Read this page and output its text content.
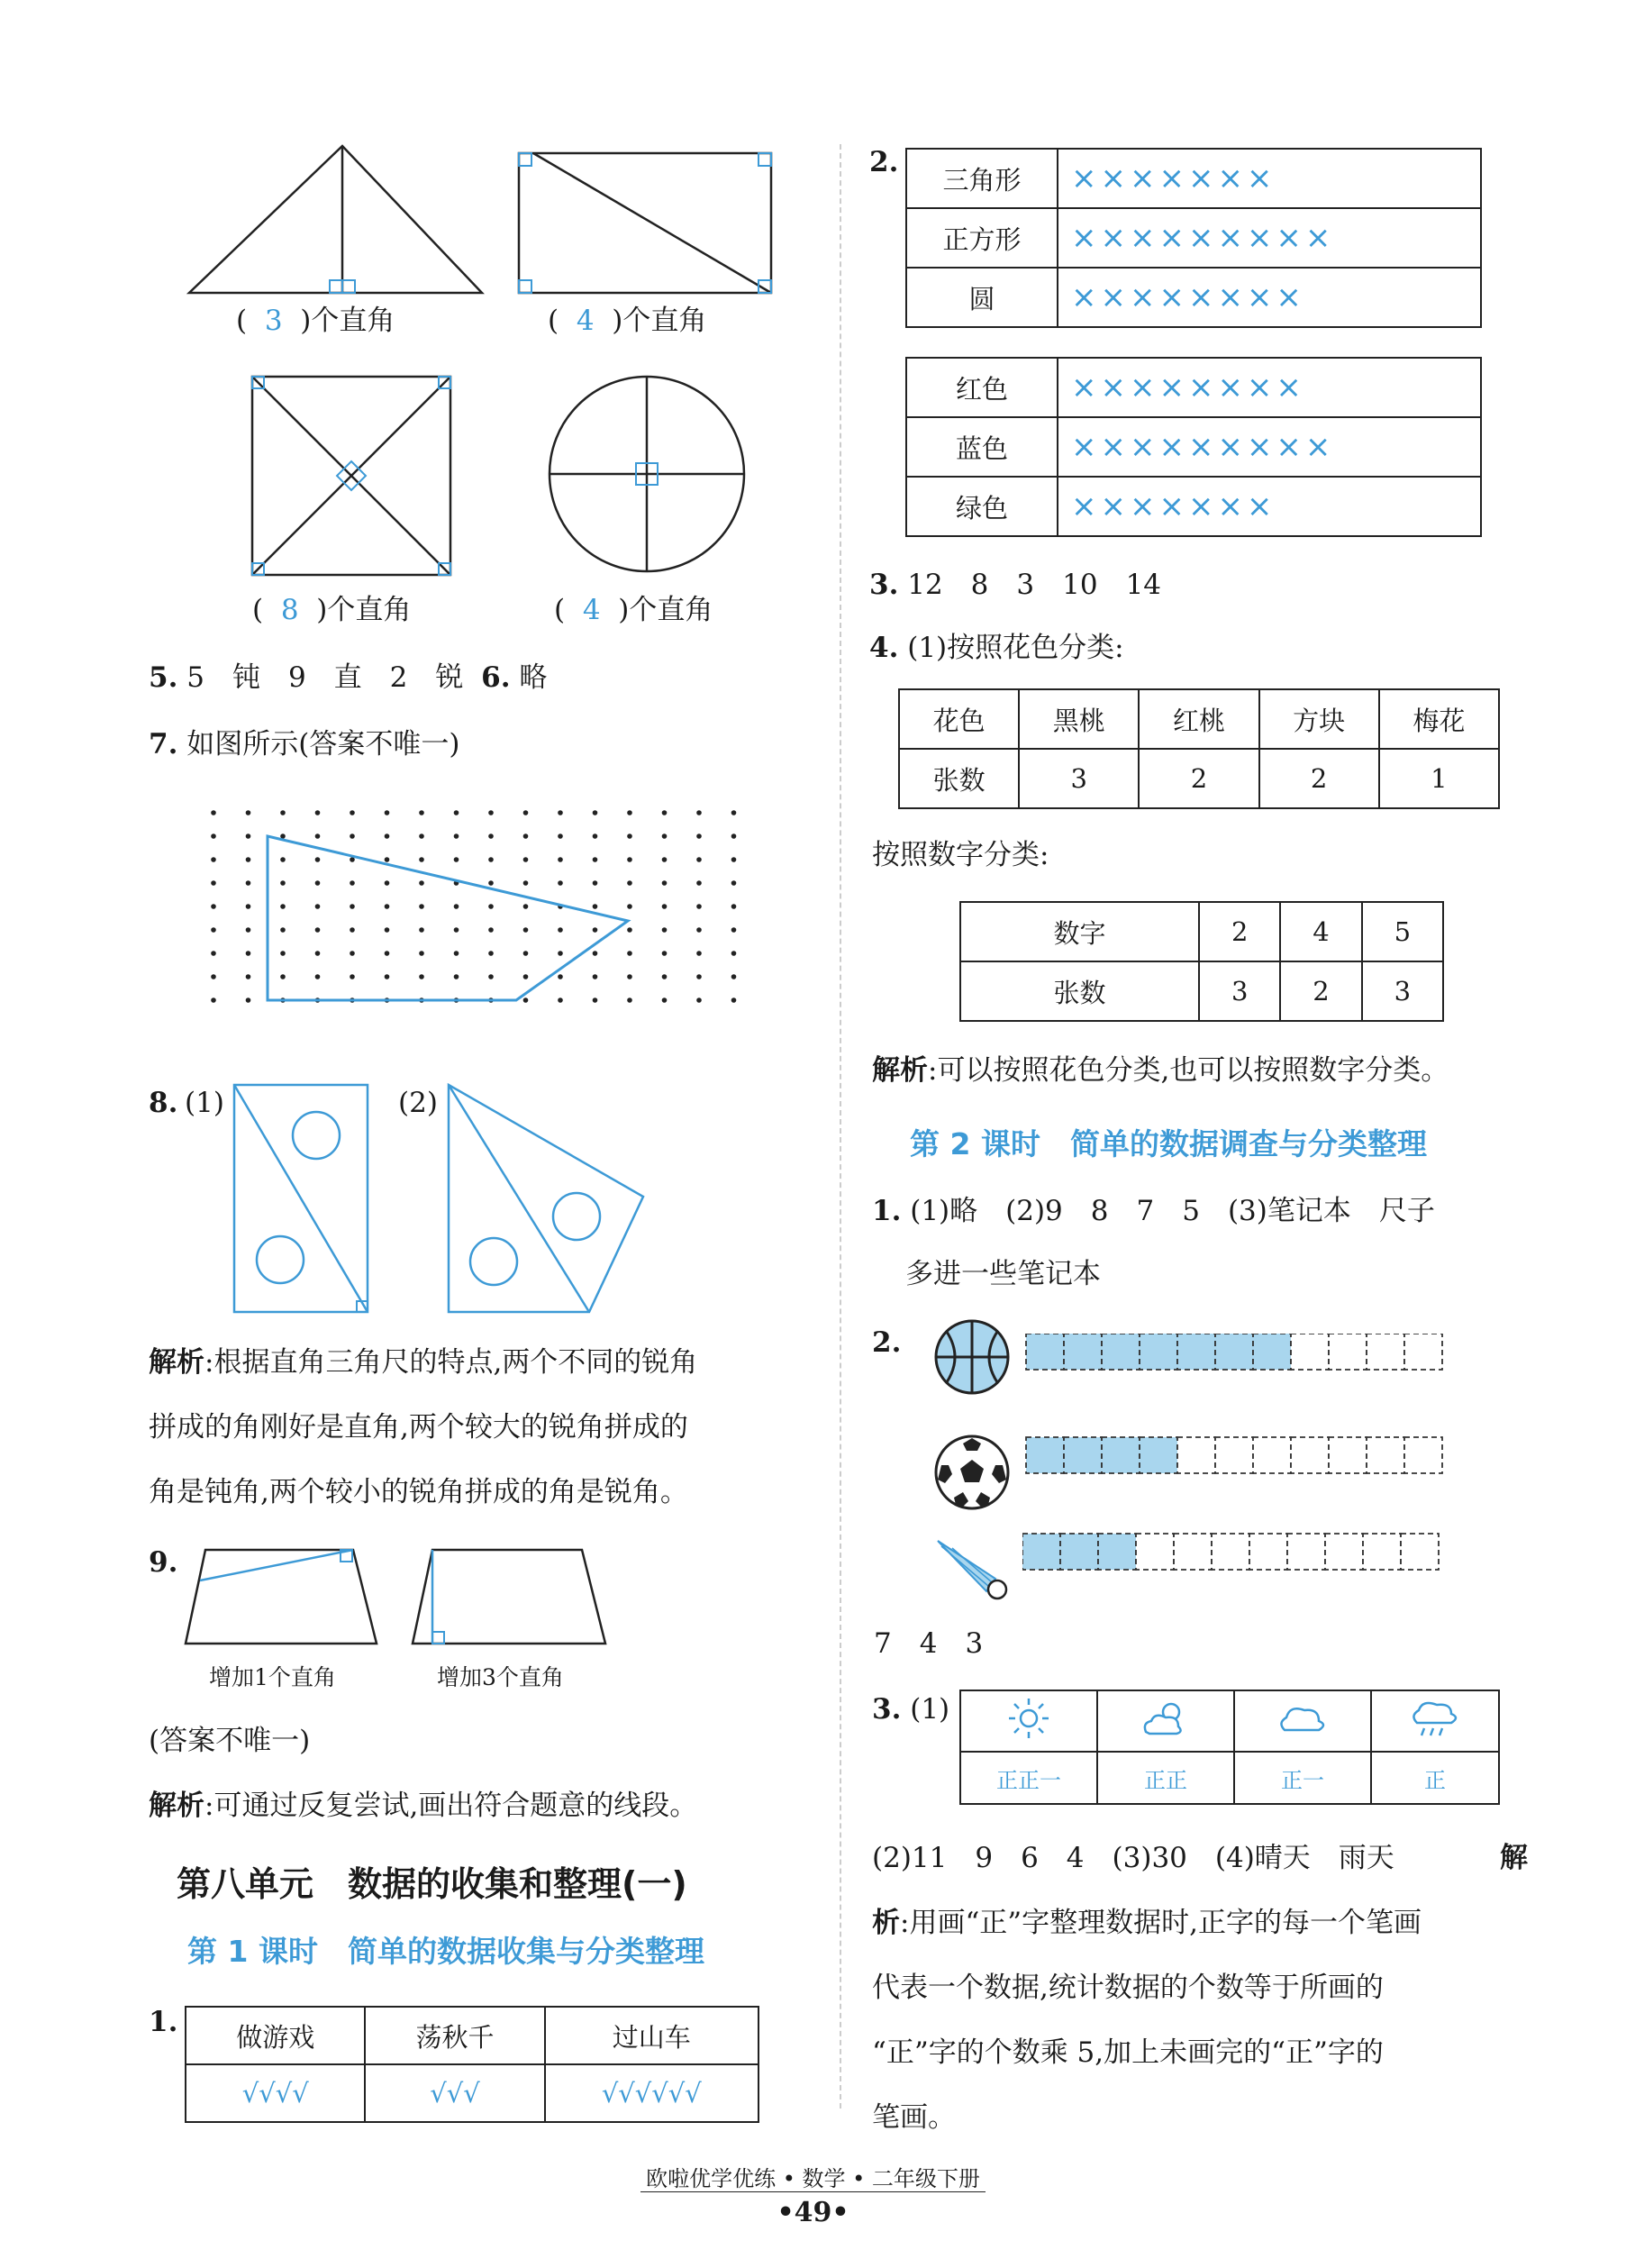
( 3 )个直角	( 4 )个直角
( 8 )个直角	( 4 )个直角
5. 5　钝　9　直　2　锐 6. 略
7. 如图所示(答案不唯一)
8. (1)	(2)
解析:根据直角三角尺的特点,两个不同的锐角
拼成的角刚好是直角,两个较大的锐角拼成的
角是钝角,两个较小的锐角拼成的角是锐角。
9.
增加1个直角	增加3个直角
(答案不唯一)
解析:可通过反复尝试,画出符合题意的线段。
第八单元　数据的收集和整理(一)
第 1 课时　简单的数据收集与分类整理
1. 做游戏	荡秋千	过山车
√√√√	√√√	√√√√√√
2.
三角形	×××××××
正方形	×××××××××
圆	××××××××
红色	××××××××
蓝色	×××××××××
绿色	×××××××
3. 12　8　3　10　14
4. (1)按照花色分类:
花色	黑桃	红桃	方块	梅花
张数	3	2	2	1
按照数字分类:
数字	2	4	5
张数	3	2	3
解析:可以按照花色分类,也可以按照数字分类。
第 2 课时　简单的数据调查与分类整理
1. (1)略　(2)9　8　7　5　(3)笔记本　尺子
多进一些笔记本
2.
7　4　3
3. (1)

正正一	正正	正一	正
(2)11　9　6　4　(3)30　(4)晴天　雨天	解
析:用画“正”字整理数据时,正字的每一个笔画
代表一个数据,统计数据的个数等于所画的
“正”字的个数乘 5,加上未画完的“正”字的
笔画。
欧啦优学优练 • 数学 • 二年级下册
•49•
